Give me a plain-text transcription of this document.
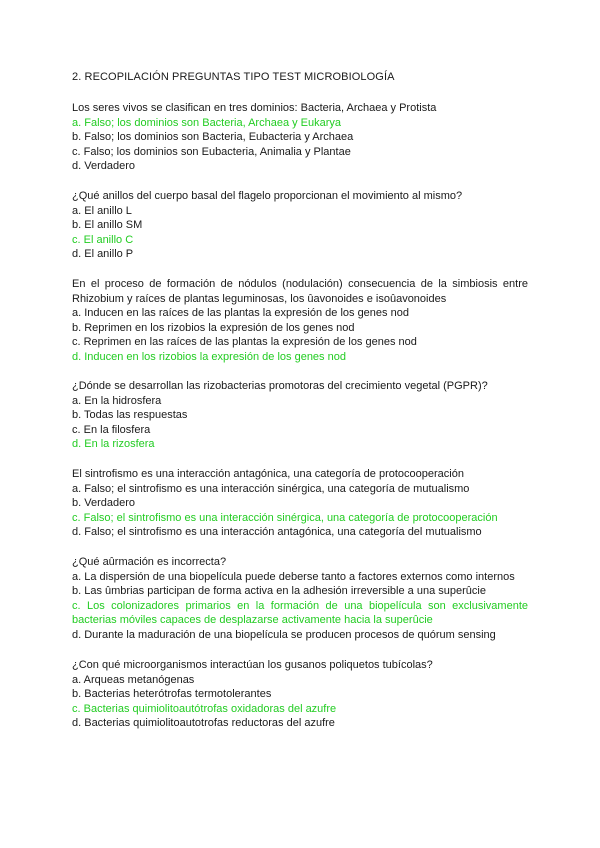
2. RECOPILACIÓN PREGUNTAS TIPO TEST MICROBIOLOGÍA

Los seres vivos se clasifican en tres dominios: Bacteria, Archaea y Protista

a. Falso; los dominios son Bacteria, Archaea y Eukarya

b. Falso; los dominios son Bacteria, Eubacteria y Archaea

c. Falso; los dominios son Eubacteria, Animalia y Plantae

d. Verdadero

¿Qué anillos del cuerpo basal del flagelo proporcionan el movimiento al mismo?

a. El anillo L

b. El anillo SM

c. El anillo C

d. El anillo P

En el proceso de formación de nódulos (nodulación) consecuencia de la simbiosis entre Rhizobium y raíces de plantas leguminosas, los ûavonoides e isoûavonoides

a. Inducen en las raíces de las plantas la expresión de los genes nod

b. Reprimen en los rizobios la expresión de los genes nod

c. Reprimen en las raíces de las plantas la expresión de los genes nod

d. Inducen en los rizobios la expresión de los genes nod

¿Dónde se desarrollan las rizobacterias promotoras del crecimiento vegetal (PGPR)?

a. En la hidrosfera

b. Todas las respuestas

c. En la filosfera

d. En la rizosfera

El sintrofismo es una interacción antagónica, una categoría de protocooperación

a. Falso; el sintrofismo es una interacción sinérgica, una categoría de mutualismo

b. Verdadero

c. Falso; el sintrofismo es una interacción sinérgica, una categoría de protocooperación

d. Falso; el sintrofismo es una interacción antagónica, una categoría del mutualismo

¿Qué aûrmación es incorrecta?

a. La dispersión de una biopelícula puede deberse tanto a factores externos como internos

b. Las ûmbrias participan de forma activa en la adhesión irreversible a una superûcie

c. Los colonizadores primarios en la formación de una biopelícula son exclusivamente bacterias móviles capaces de desplazarse activamente hacia la superûcie

d. Durante la maduración de una biopelícula se producen procesos de quórum sensing

¿Con qué microorganismos interactúan los gusanos poliquetos tubícolas?

a. Arqueas metanógenas

b. Bacterias heterótrofas termotolerantes

c. Bacterias quimiolitoautótrofas oxidadoras del azufre

d. Bacterias quimiolitoautotrofas reductoras del azufre
